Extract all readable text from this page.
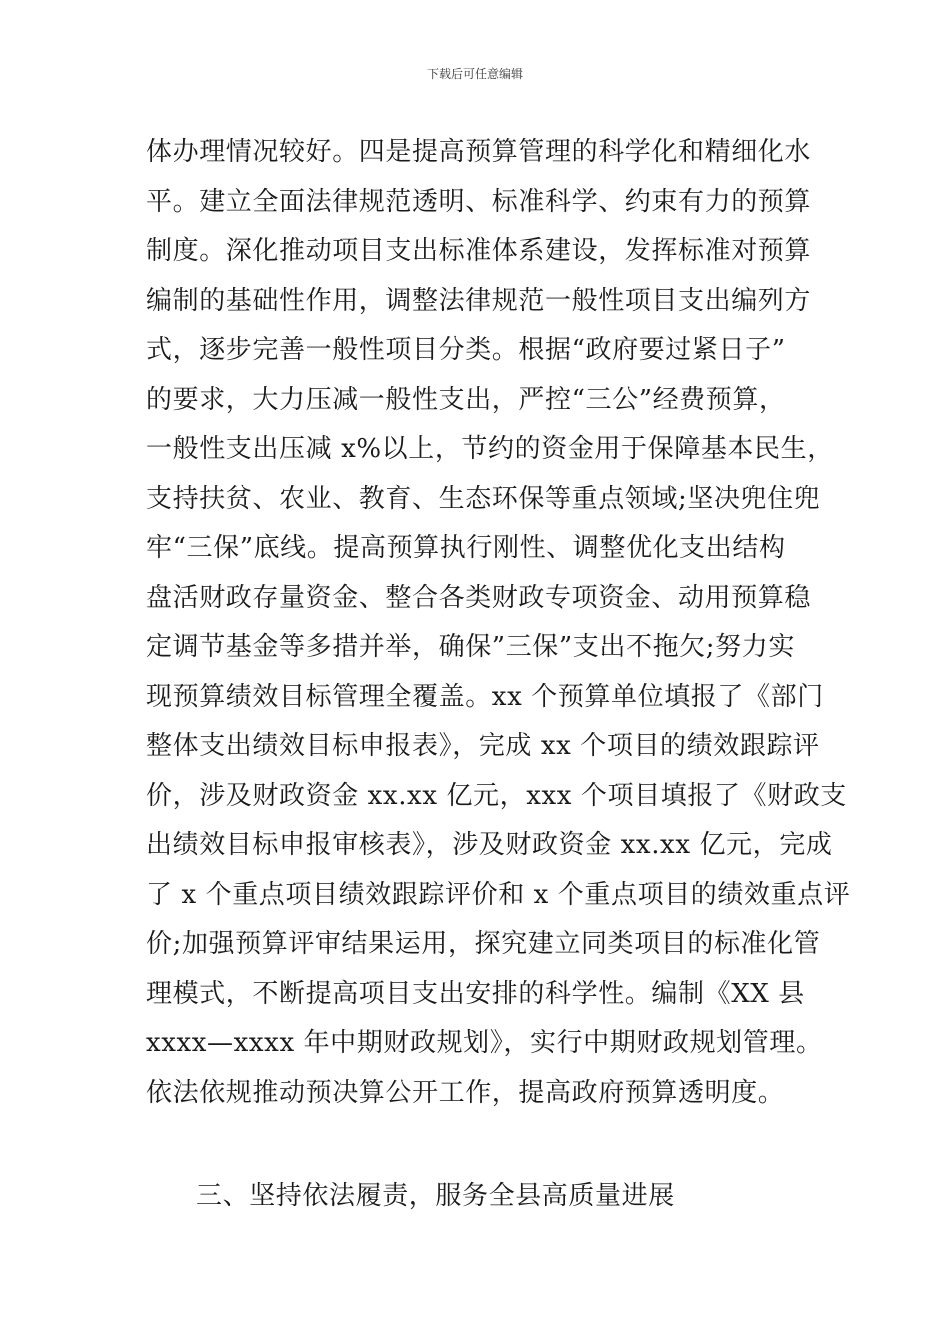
下载后可任意编辑
体办理情况较好。四是提高预算管理的科学化和精细化水
平。建立全面法律规范透明、标准科学、约束有力的预算
制度。深化推动项目支出标准体系建设，发挥标准对预算
编制的基础性作用，调整法律规范一般性项目支出编列方
式，逐步完善一般性项目分类。根据“政府要过紧日子”
的要求，大力压减一般性支出，严控“三公”经费预算，
一般性支出压减 x%以上，节约的资金用于保障基本民生，
支持扶贫、农业、教育、生态环保等重点领域;坚决兜住兜
牢“三保”底线。提高预算执行刚性、调整优化支出结构
盘活财政存量资金、整合各类财政专项资金、动用预算稳
定调节基金等多措并举，确保”三保”支出不拖欠;努力实
现预算绩效目标管理全覆盖。xx 个预算单位填报了《部门
整体支出绩效目标申报表》，完成 xx 个项目的绩效跟踪评
价，涉及财政资金 xx.xx 亿元，xxx 个项目填报了《财政支
出绩效目标申报审核表》，涉及财政资金 xx.xx 亿元，完成
了 x 个重点项目绩效跟踪评价和 x 个重点项目的绩效重点评
价;加强预算评审结果运用，探究建立同类项目的标准化管
理模式，不断提高项目支出安排的科学性。编制《XX 县
xxxx—xxxx 年中期财政规划》，实行中期财政规划管理。
依法依规推动预决算公开工作，提高政府预算透明度。
三、坚持依法履责，服务全县高质量进展
